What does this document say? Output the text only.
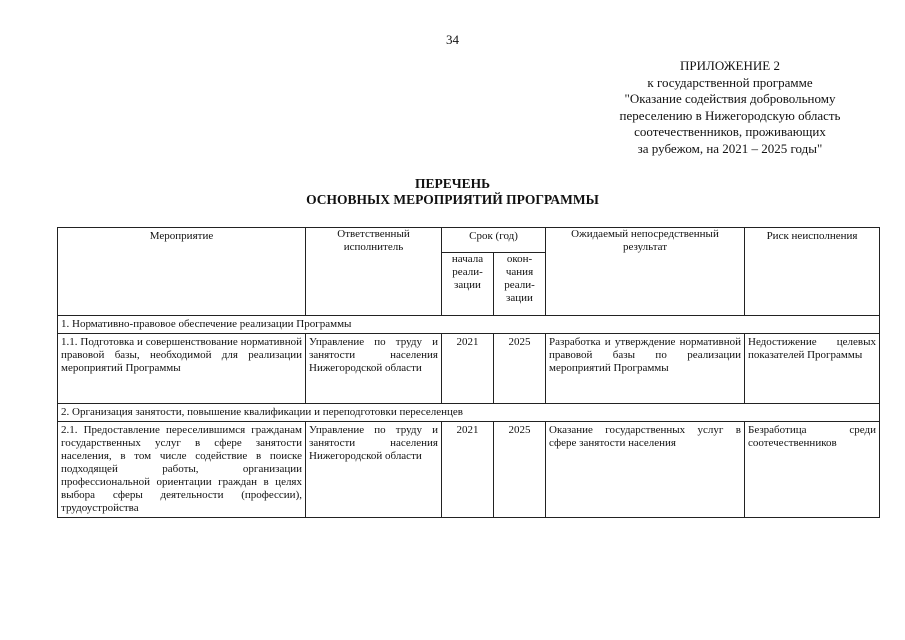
34
ПРИЛОЖЕНИЕ 2
к государственной программе
"Оказание содействия добровольному
переселению в Нижегородскую область
соотечественников, проживающих
за рубежом, на 2021 – 2025 годы"
ПЕРЕЧЕНЬ
ОСНОВНЫХ МЕРОПРИЯТИЙ ПРОГРАММЫ
Мероприятие	Ответственный исполнитель	Срок (год)		Ожидаемый непосредственный результат	Риск неисполнения
		начала реали-зации	окон-чания реали-зации		
1. Нормативно-правовое обеспечение реализации Программы					
1.1. Подготовка и совершенствование нормативной правовой базы, необходимой для реализации мероприятий Программы	Управление по труду и занятости населения Нижегородской области	2021	2025	Разработка и утверждение нормативной правовой базы по реализации мероприятий Программы	Недостижение целевых показателей Программы
2. Организация занятости, повышение квалификации и переподготовки переселенцев					
2.1. Предоставление переселившимся гражданам государственных услуг в сфере занятости населения, в том числе содействие в поиске подходящей работы, организации профессиональной ориентации граждан в целях выбора сферы деятельности (профессии), трудоустройства	Управление по труду и занятости населения Нижегородской области	2021	2025	Оказание государственных услуг в сфере занятости населения	Безработица среди соотечественников
